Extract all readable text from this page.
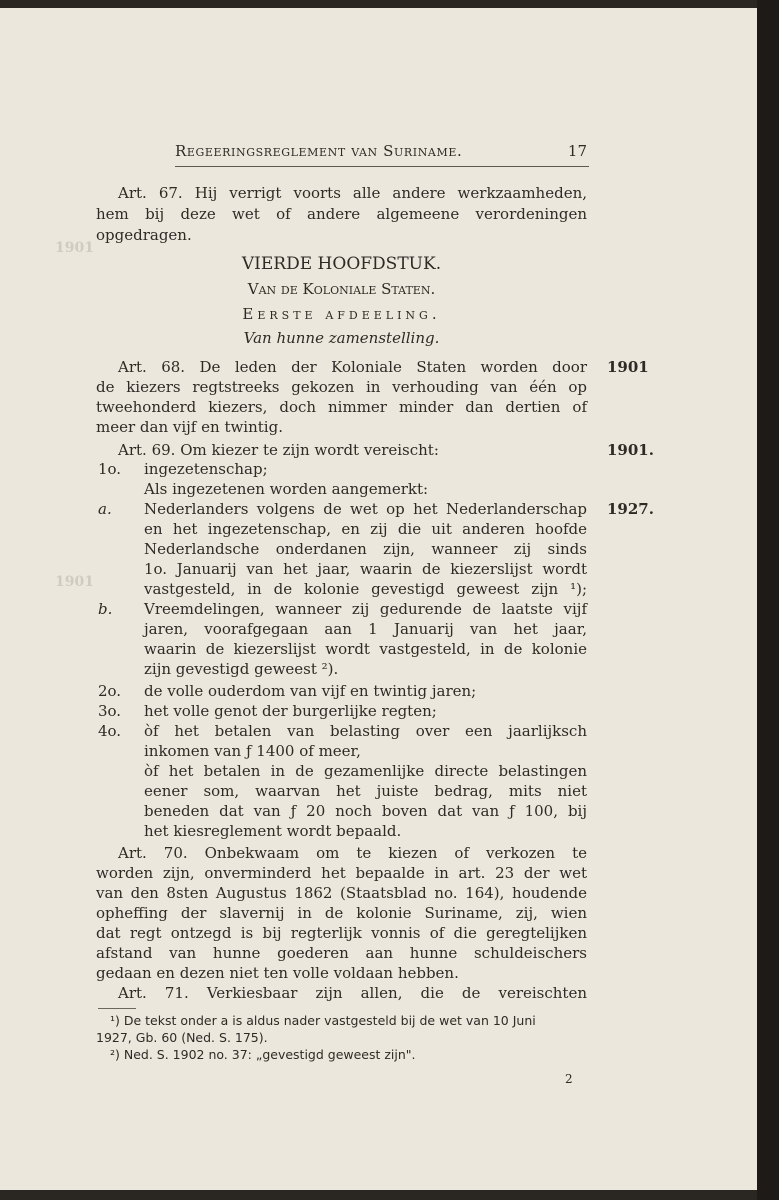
Regeeringsreglement van Suriname.	17
1901
1901
Art. 67. Hij verrigt voorts alle andere werkzaamheden,
hem bij deze wet of andere algemeene verordeningen
opgedragen.
VIERDE HOOFDSTUK.
Van de Koloniale Staten.
Eerste afdeeling.
Van hunne zamenstelling.
Art. 68. De leden der Koloniale Staten worden door
de kiezers regtstreeks gekozen in verhouding van één op
tweehonderd kiezers, doch nimmer minder dan dertien of
meer dan vijf en twintig.
1901
Art. 69. Om kiezer te zijn wordt vereischt:	1901.
1o. ingezetenschap;
Als ingezetenen worden aangemerkt:
a.	1927.
Nederlanders volgens de wet op het Nederlanderschap
en het ingezetenschap, en zij die uit anderen hoofde
Nederlandsche onderdanen zijn, wanneer zij sinds
1o. Januarij van het jaar, waarin de kiezerslijst wordt
vastgesteld, in de kolonie gevestigd geweest zijn ¹);
b. Vreemdelingen, wanneer zij gedurende de laatste vijf
jaren, voorafgegaan aan 1 Januarij van het jaar,
waarin de kiezerslijst wordt vastgesteld, in de kolonie
zijn gevestigd geweest ²).
2o. de volle ouderdom van vijf en twintig jaren;
3o. het volle genot der burgerlijke regten;
4o. òf het betalen van belasting over een jaarlijksch
inkomen van ƒ 1400 of meer,
òf het betalen in de gezamenlijke directe belastingen
eener som, waarvan het juiste bedrag, mits niet
beneden dat van ƒ 20 noch boven dat van ƒ 100, bij
het kiesreglement wordt bepaald.
Art. 70. Onbekwaam om te kiezen of verkozen te
worden zijn, onverminderd het bepaalde in art. 23 der wet
van den 8sten Augustus 1862 (Staatsblad no. 164), houdende
opheffing der slavernij in de kolonie Suriname, zij, wien
dat regt ontzegd is bij regterlijk vonnis of die geregtelijken
afstand van hunne goederen aan hunne schuldeischers
gedaan en dezen niet ten volle voldaan hebben.
Art. 71. Verkiesbaar zijn allen, die de vereischten
¹) De tekst onder a is aldus nader vastgesteld bij de wet van 10 Juni
1927, Gb. 60 (Ned. S. 175).
²) Ned. S. 1902 no. 37: „gevestigd geweest zijn".
2
